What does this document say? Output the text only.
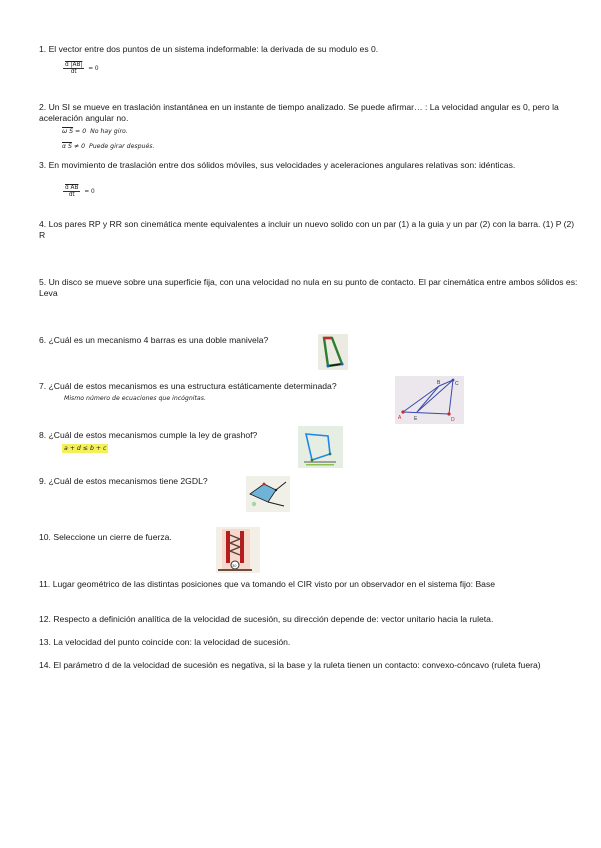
1. El vector entre dos puntos de un sistema indeformable: la derivada de su modulo es 0.
$\frac{d |AB|}{dt} = 0$
2. Un SI se mueve en traslación instantánea en un instante de tiempo analizado. Se puede afirmar… : La velocidad angular es 0, pero la aceleración angular no.
ω S = 0 No hay giro.
α S ≠ 0 Puede girar después.
3. En movimiento de traslación entre dos sólidos móviles, sus velocidades y aceleraciones angulares relativas son: idénticas.
$\frac{\text{d AB}}{dt} = 0$
4. Los pares RP y RR son cinemática mente equivalentes a incluir un nuevo solido con un par (1) a la guia y un par (2) con la barra. (1) P (2) R
5. Un disco se mueve sobre una superficie fija, con una velocidad no nula en su punto de contacto. El par cinemática entre ambos sólidos es: Leva
6. ¿Cuál es un mecanismo 4 barras es una doble manivela?
7. ¿Cuál de estos mecanismos es una estructura estáticamente determinada?
Mismo número de ecuaciones que incógnitas.
A
B	C
D
E
8. ¿Cuál de estos mecanismos cumple la ley de grashof?
a + d ≤ b + c
9. ¿Cuál de estos mecanismos tiene 2GDL?
10. Seleccione un cierre de fuerza.
30
11. Lugar geométrico de las distintas posiciones que va tomando el CIR visto por un observador en el sistema fijo: Base
12. Respecto a definición analítica de la velocidad de sucesión, su dirección depende de: vector unitario hacia la ruleta.
13. La velocidad del punto coincide con: la velocidad de sucesión.
14. El parámetro d de la velocidad de sucesión es negativa, si la base y la ruleta tienen un contacto: convexo-cóncavo (ruleta fuera)
